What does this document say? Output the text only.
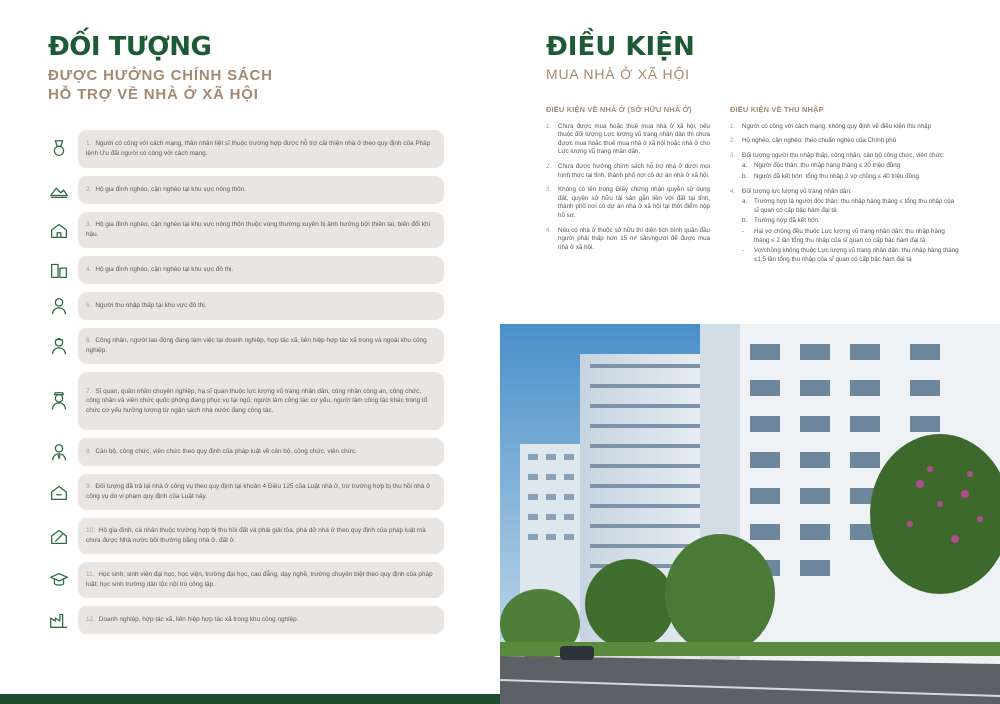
ĐỐI TƯỢNG
ĐƯỢC HƯỞNG CHÍNH SÁCH
HỖ TRỢ VỀ NHÀ Ở XÃ HỘI
1. Người có công với cách mạng, thân nhân liệt sĩ thuộc trường hợp được hỗ trợ cải thiện nhà ở theo quy định của Pháp lệnh Ưu đãi người có công với cách mạng.
2. Hộ gia đình nghèo, cận nghèo tại khu vực nông thôn.
3. Hộ gia đình nghèo, cận nghèo tại khu vực nông thôn thuộc vùng thường xuyên bị ảnh hưởng bởi thiên tai, biến đổi khí hậu.
4. Hộ gia đình nghèo, cận nghèo tại khu vực đô thị.
5. Người thu nhập thấp tại khu vực đô thị.
6. Công nhân, người lao động đang làm việc tại doanh nghiệp, hợp tác xã, liên hiệp hợp tác xã trong và ngoài khu công nghiệp.
7. Sĩ quan, quân nhân chuyên nghiệp, hạ sĩ quan thuộc lực lượng vũ trang nhân dân, công nhân công an, công chức, công nhân và viên chức quốc phòng đang phục vụ tại ngũ; người làm công tác cơ yếu, người làm công tác khác trong tổ chức cơ yếu hưởng lương từ ngân sách nhà nước đang công tác.
8. Cán bộ, công chức, viên chức theo quy định của pháp luật về cán bộ, công chức, viên chức.
9. Đối tượng đã trả lại nhà ở công vụ theo quy định tại khoản 4 Điều 125 của Luật nhà ở, trừ trường hợp bị thu hồi nhà ở công vụ do vi phạm quy định của Luật này.
10. Hộ gia đình, cá nhân thuộc trường hợp bị thu hồi đất và phải giải tỏa, phá dỡ nhà ở theo quy định của pháp luật mà chưa được Nhà nước bồi thường bằng nhà ở, đất ở.
11. Học sinh, sinh viên đại học, học viện, trường đại học, cao đẳng, dạy nghề, trường chuyên biệt theo quy định của pháp luật; học sinh trường dân tộc nội trú công lập.
12. Doanh nghiệp, hợp tác xã, liên hiệp hợp tác xã trong khu công nghiệp.
ĐIỀU KIỆN
MUA NHÀ Ở XÃ HỘI
ĐIỀU KIỆN VỀ NHÀ Ở (SỞ HỮU NHÀ Ở)
1.	Chưa được mua hoặc thuê mua nhà ở xã hội, nếu thuộc đối tượng Lực lượng vũ trang nhân dân thì chưa được mua hoặc thuê mua nhà ở xã hội hoặc nhà ở cho Lực lượng vũ trang nhân dân.
2.	Chưa được hưởng chính sách hỗ trợ nhà ở dưới mọi hình thức tại tỉnh, thành phố nơi có dự án nhà ở xã hội.
3.	Không có tên trong Giấy chứng nhận quyền sử dụng đất, quyền sở hữu tài sản gắn liền với đất tại tỉnh, thành phố nơi có dự án nhà ở xã hội tại thời điểm nộp hồ sơ.
4.	Nếu có nhà ở thuộc sở hữu thì diện tích bình quân đầu người phải thấp hơn 15 m² sàn/người để được mua nhà ở xã hội.
ĐIỀU KIỆN VỀ THU NHẬP
1.	Người có công với cách mạng: không quy định về điều kiện thu nhập
2.	Hộ nghèo, cận nghèo: theo chuẩn nghèo của Chính phủ
3.	Đối tượng người thu nhập thấp, công nhân, cán bộ công chức, viên chức:
a.	Người độc thân: thu nhập hàng tháng ≤ 20 triệu đồng
b.	Người đã kết hôn: tổng thu nhập 2 vợ chồng ≤ 40 triệu đồng
4.	Đối tượng lực lượng vũ trang nhân dân:
a.	Trường hợp là người độc thân: thu nhập hàng tháng ≤ tổng thu nhập của sĩ quan có cấp bậc hàm đại tá
b.	Trường hợp đã kết hôn:
-	Hai vợ chồng đều thuộc Lực lượng vũ trang nhân dân: thu nhập hàng tháng ≤ 2 lần tổng thu nhập của sĩ quan có cấp bậc hàm đại tá
-	Vợ/chồng không thuộc Lực lượng vũ trang nhân dân: thu nhập hàng tháng ≤1,5 lần tổng thu nhập của sĩ quan có cấp bậc hàm đại tá
